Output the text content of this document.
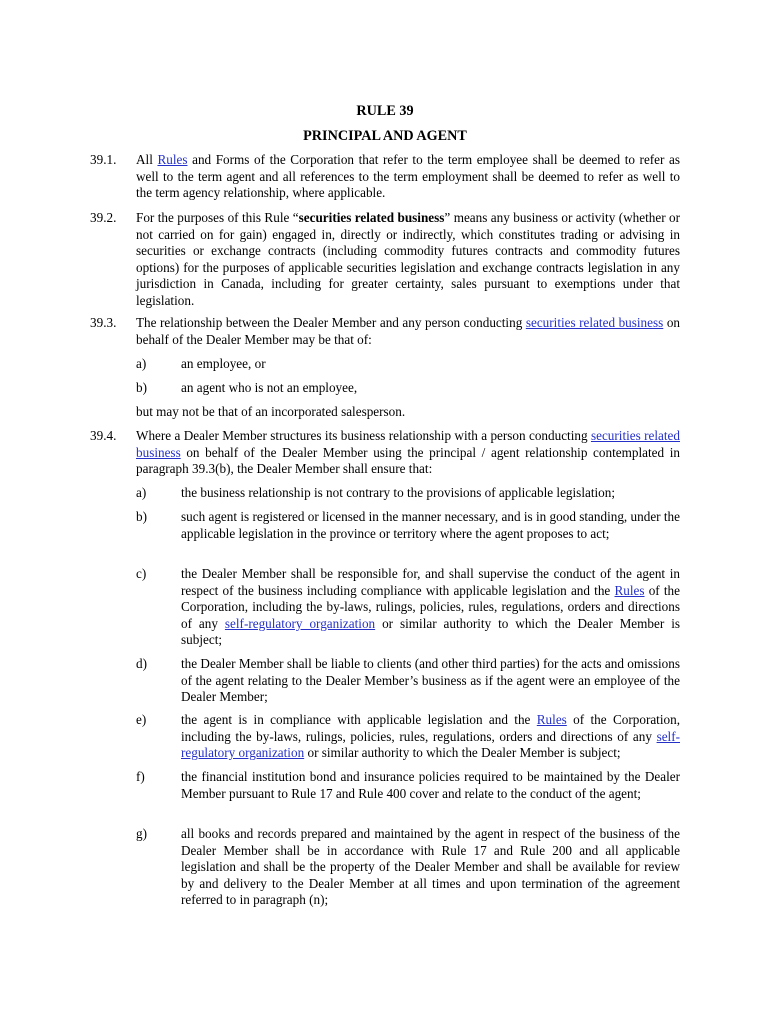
RULE 39
PRINCIPAL AND AGENT
39.1. All Rules and Forms of the Corporation that refer to the term employee shall be deemed to refer as well to the term agent and all references to the term employment shall be deemed to refer as well to the term agency relationship, where applicable.
39.2. For the purposes of this Rule “securities related business” means any business or activity (whether or not carried on for gain) engaged in, directly or indirectly, which constitutes trading or advising in securities or exchange contracts (including commodity futures contracts and commodity futures options) for the purposes of applicable securities legislation and exchange contracts legislation in any jurisdiction in Canada, including for greater certainty, sales pursuant to exemptions under that legislation.
39.3. The relationship between the Dealer Member and any person conducting securities related business on behalf of the Dealer Member may be that of:
a)	an employee, or
b)	an agent who is not an employee,
but may not be that of an incorporated salesperson.
39.4. Where a Dealer Member structures its business relationship with a person conducting securities related business on behalf of the Dealer Member using the principal / agent relationship contemplated in paragraph 39.3(b), the Dealer Member shall ensure that:
a)	the business relationship is not contrary to the provisions of applicable legislation;
b)	such agent is registered or licensed in the manner necessary, and is in good standing, under the applicable legislation in the province or territory where the agent proposes to act;
c)	the Dealer Member shall be responsible for, and shall supervise the conduct of the agent in respect of the business including compliance with applicable legislation and the Rules of the Corporation, including the by-laws, rulings, policies, rules, regulations, orders and directions of any self-regulatory organization or similar authority to which the Dealer Member is subject;
d)	the Dealer Member shall be liable to clients (and other third parties) for the acts and omissions of the agent relating to the Dealer Member’s business as if the agent were an employee of the Dealer Member;
e)	the agent is in compliance with applicable legislation and the Rules of the Corporation, including the by-laws, rulings, policies, rules, regulations, orders and directions of any self-regulatory organization or similar authority to which the Dealer Member is subject;
f)	the financial institution bond and insurance policies required to be maintained by the Dealer Member pursuant to Rule 17 and Rule 400 cover and relate to the conduct of the agent;
g)	all books and records prepared and maintained by the agent in respect of the business of the Dealer Member shall be in accordance with Rule 17 and Rule 200 and all applicable legislation and shall be the property of the Dealer Member and shall be available for review by and delivery to the Dealer Member at all times and upon termination of the agreement referred to in paragraph (n);
